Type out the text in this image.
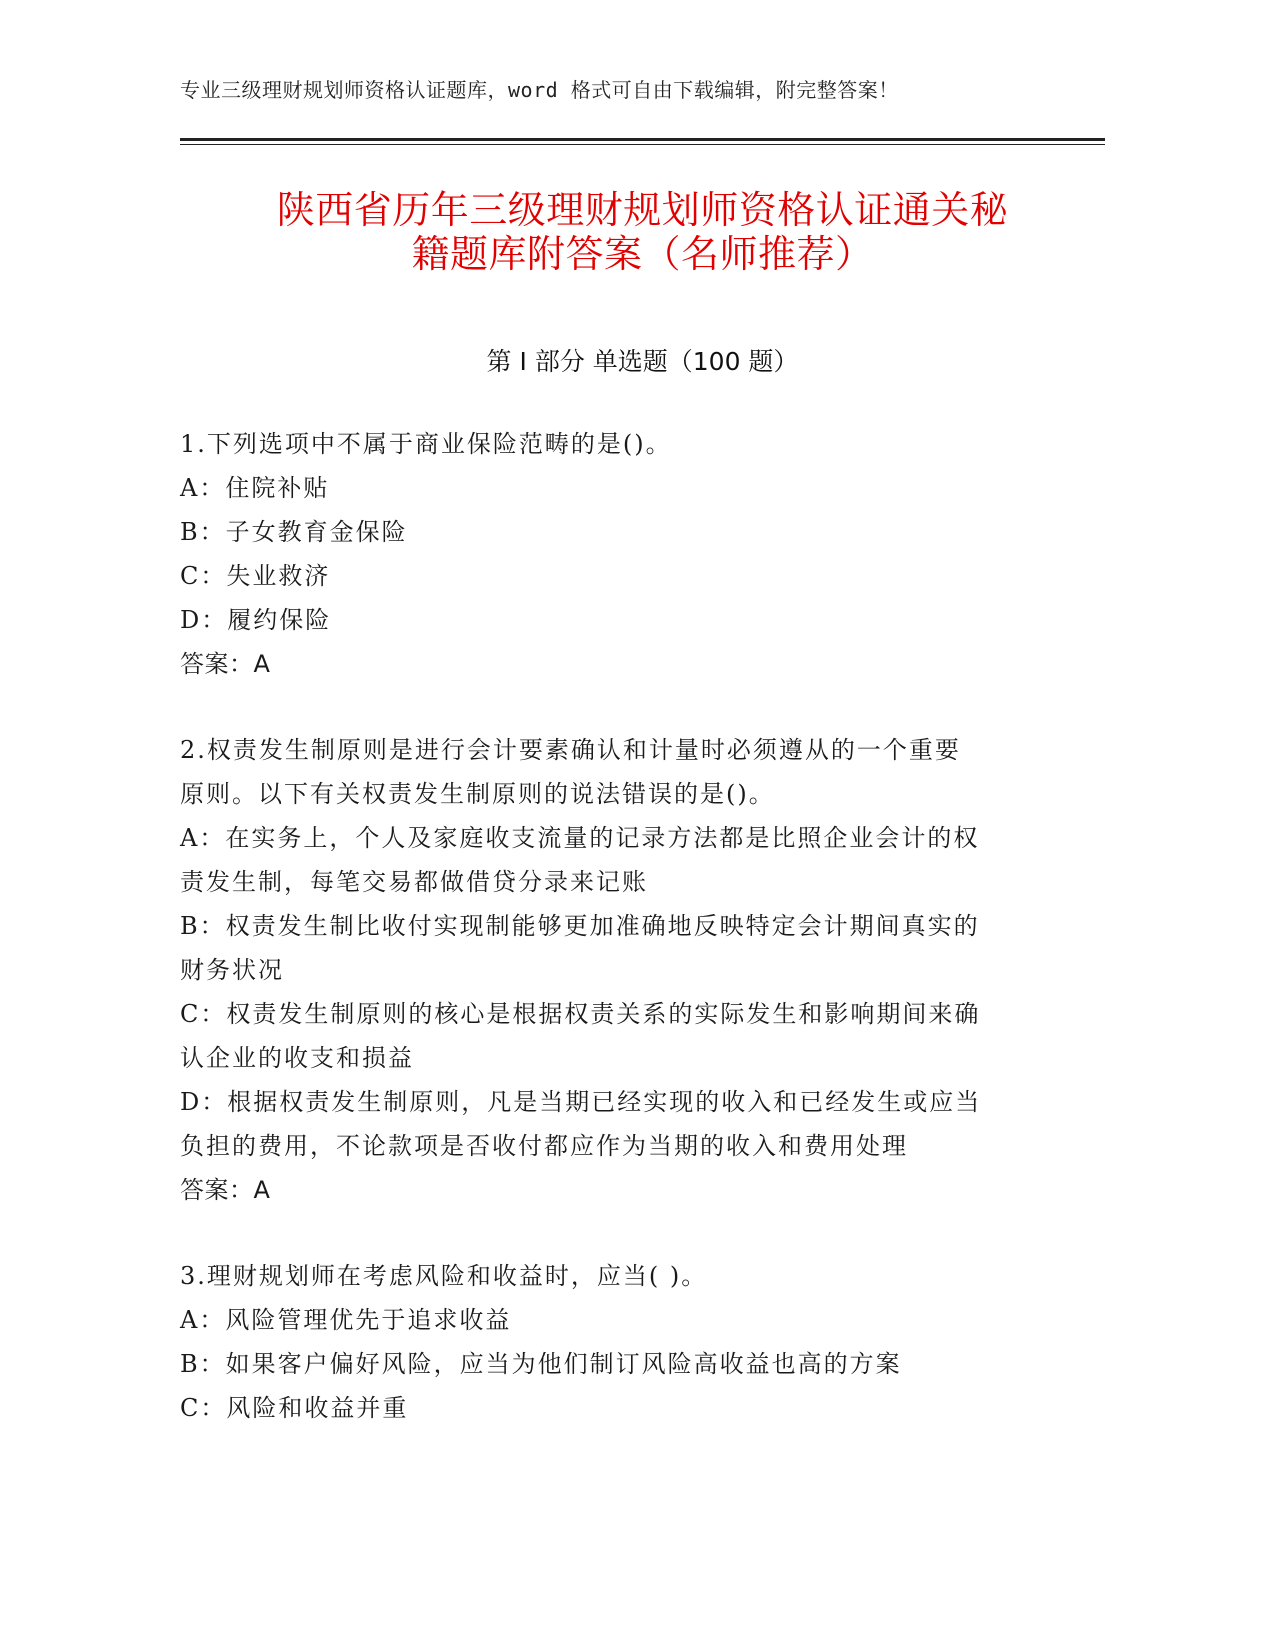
专业三级理财规划师资格认证题库，word 格式可自由下载编辑，附完整答案！
陕西省历年三级理财规划师资格认证通关秘
籍题库附答案（名师推荐）
第 I 部分 单选题（100 题）
1.下列选项中不属于商业保险范畴的是()。
A：住院补贴
B：子女教育金保险
C：失业救济
D：履约保险
答案：A
2.权责发生制原则是进行会计要素确认和计量时必须遵从的一个重要
原则。以下有关权责发生制原则的说法错误的是()。
A：在实务上，个人及家庭收支流量的记录方法都是比照企业会计的权
责发生制，每笔交易都做借贷分录来记账
B：权责发生制比收付实现制能够更加准确地反映特定会计期间真实的
财务状况
C：权责发生制原则的核心是根据权责关系的实际发生和影响期间来确
认企业的收支和损益
D：根据权责发生制原则，凡是当期已经实现的收入和已经发生或应当
负担的费用，不论款项是否收付都应作为当期的收入和费用处理
答案：A
3.理财规划师在考虑风险和收益时，应当( )。
A：风险管理优先于追求收益
B：如果客户偏好风险，应当为他们制订风险高收益也高的方案
C：风险和收益并重
